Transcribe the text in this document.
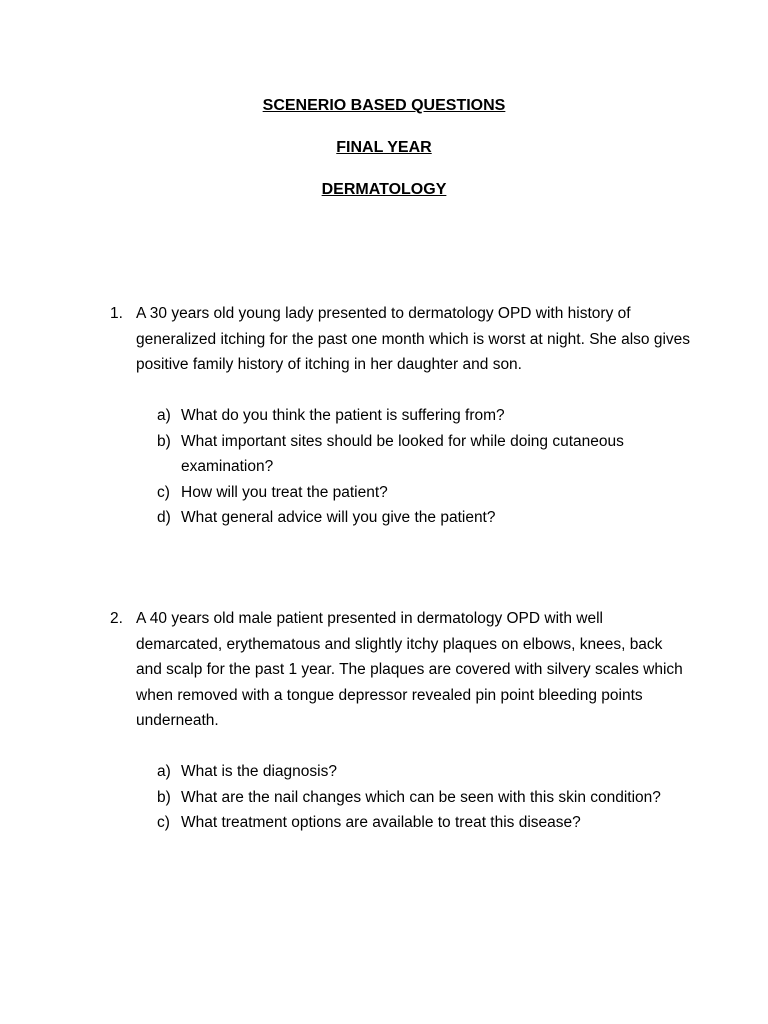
SCENERIO BASED QUESTIONS
FINAL YEAR
DERMATOLOGY
1. A 30 years old young lady presented to dermatology OPD with history of generalized itching for the past one month which is worst at night. She also gives positive family history of itching in her daughter and son.
a) What do you think the patient is suffering from?
b) What important sites should be looked for while doing cutaneous examination?
c) How will you treat the patient?
d) What general advice will you give the patient?
2. A 40 years old male patient presented in dermatology OPD with well demarcated, erythematous and slightly itchy plaques on elbows, knees, back and scalp for the past 1 year. The plaques are covered with silvery scales which when removed with a tongue depressor revealed pin point bleeding points underneath.
a) What is the diagnosis?
b) What are the nail changes which can be seen with this skin condition?
c) What treatment options are available to treat this disease?
